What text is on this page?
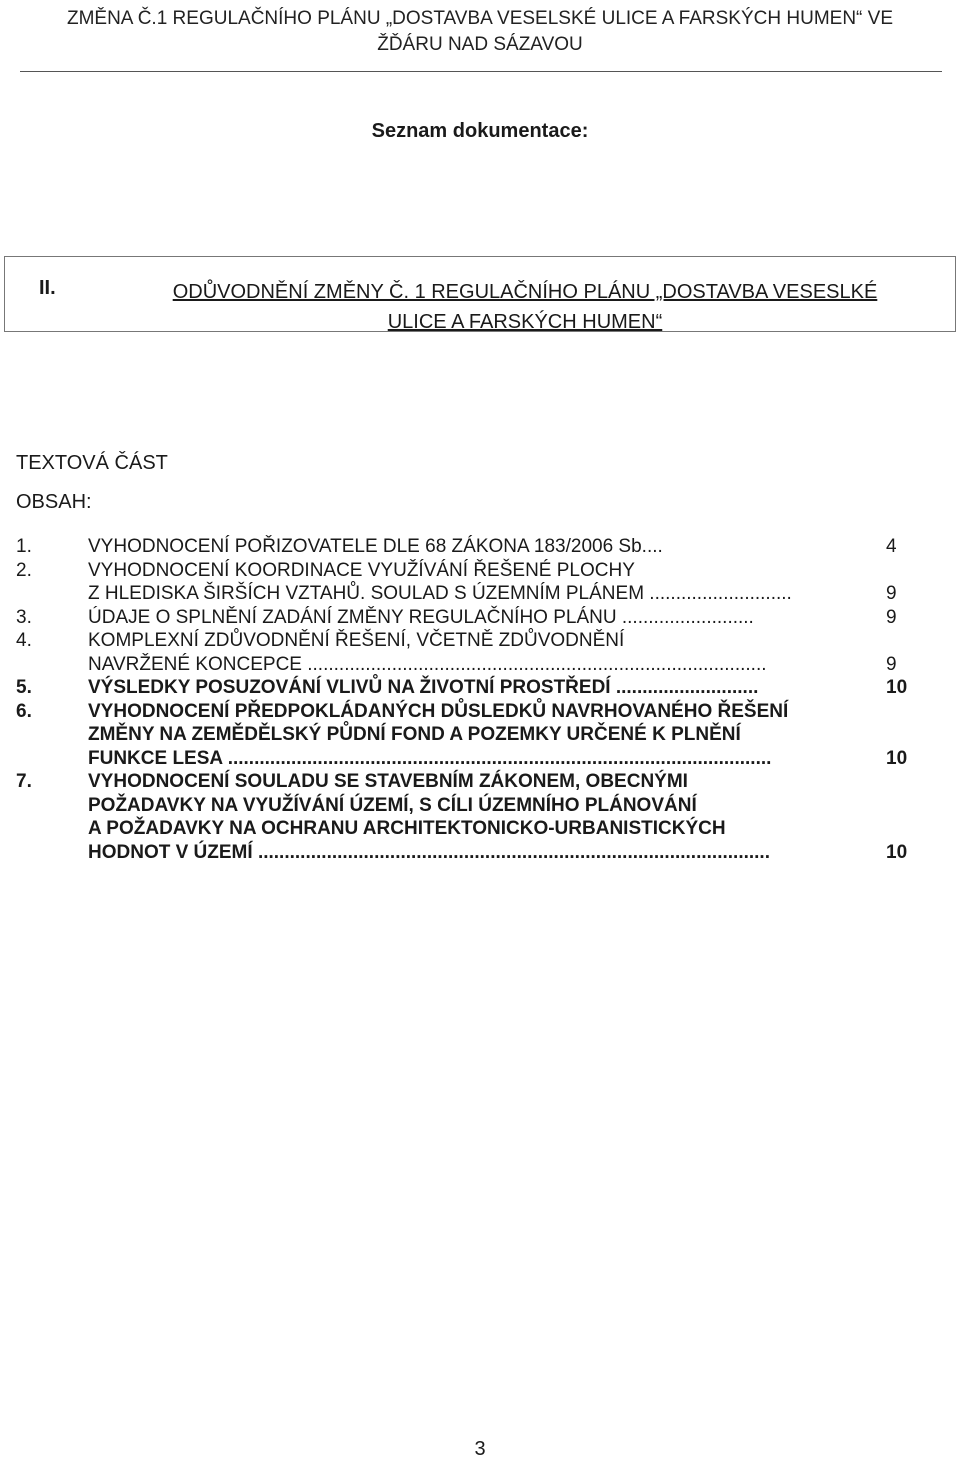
ZMĚNA Č.1 REGULAČNÍHO PLÁNU „DOSTAVBA VESELSKÉ ULICE A FARSKÝCH HUMEN“ VE
ŽĎÁRU NAD SÁZAVOU
Seznam dokumentace:
II.	ODŮVODNĚNÍ ZMĚNY Č. 1 REGULAČNÍHO PLÁNU „DOSTAVBA VESESLKÉ
ULICE A FARSKÝCH HUMEN“
TEXTOVÁ ČÁST
OBSAH:
1.	VYHODNOCENÍ POŘIZOVATELE DLE 68 ZÁKONA 183/2006 Sb....	4
2.	VYHODNOCENÍ KOORDINACE VYUŽÍVÁNÍ ŘEŠENÉ PLOCHY
Z HLEDISKA ŠIRŠÍCH VZTAHŮ. SOULAD S ÚZEMNÍM PLÁNEM ...........................	9
3.	ÚDAJE O SPLNĚNÍ ZADÁNÍ ZMĚNY REGULAČNÍHO PLÁNU .........................	9
4.	KOMPLEXNÍ ZDŮVODNĚNÍ ŘEŠENÍ, VČETNĚ ZDŮVODNĚNÍ
NAVRŽENÉ KONCEPCE .......................................................................................	9
5.	VÝSLEDKY POSUZOVÁNÍ VLIVŮ NA ŽIVOTNÍ PROSTŘEDÍ ...........................	10
6.	VYHODNOCENÍ PŘEDPOKLÁDANÝCH DŮSLEDKŮ NAVRHOVANÉHO ŘEŠENÍ
ZMĚNY NA ZEMĚDĚLSKÝ PŮDNÍ FOND A POZEMKY URČENÉ K PLNĚNÍ
FUNKCE LESA .......................................................................................................	10
7.	VYHODNOCENÍ SOULADU SE STAVEBNÍM ZÁKONEM, OBECNÝMI
POŽADAVKY NA VYUŽÍVÁNÍ ÚZEMÍ, S CÍLI ÚZEMNÍHO PLÁNOVÁNÍ
A POŽADAVKY NA OCHRANU ARCHITEKTONICKO-URBANISTICKÝCH
HODNOT V ÚZEMÍ .................................................................................................	10
3
